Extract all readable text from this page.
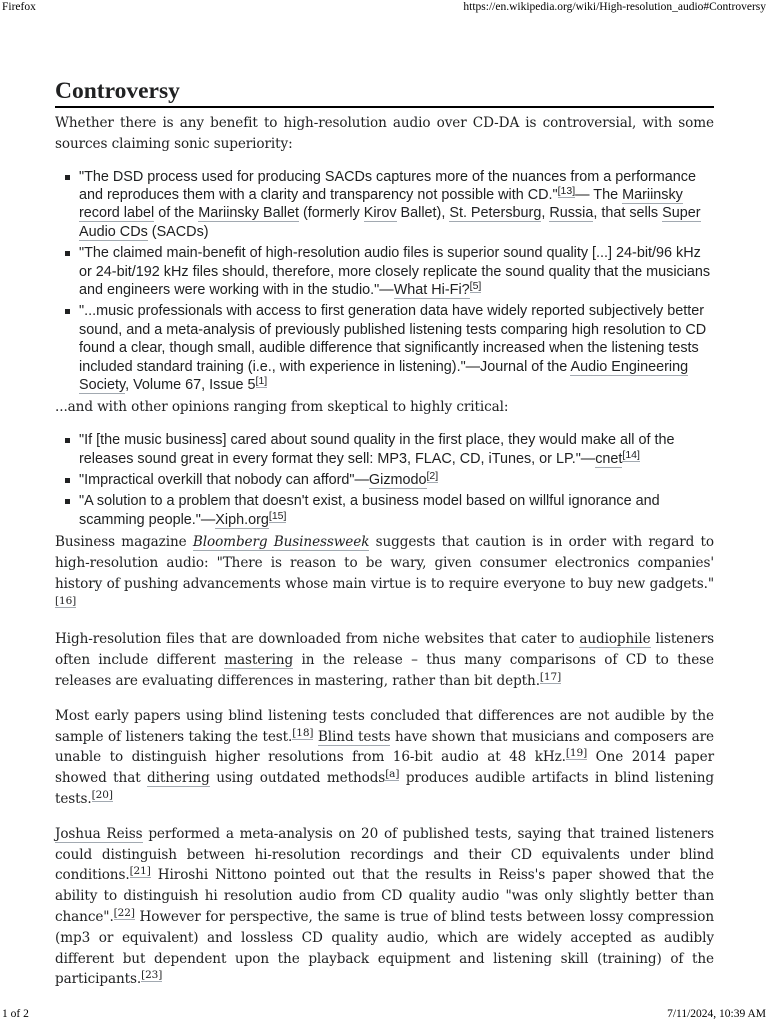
Firefox	https://en.wikipedia.org/wiki/High-resolution_audio#Controversy
Controversy

Whether there is any benefit to high-resolution audio over CD-DA is controversial, with some sources claiming sonic superiority:

"The DSD process used for producing SACDs captures more of the nuances from a performance and reproduces them with a clarity and transparency not possible with CD."[13]— The Mariinsky record label of the Mariinsky Ballet (formerly Kirov Ballet), St. Petersburg, Russia, that sells Super Audio CDs (SACDs)
"The claimed main-benefit of high-resolution audio files is superior sound quality [...] 24-bit/96 kHz or 24-bit/192 kHz files should, therefore, more closely replicate the sound quality that the musicians and engineers were working with in the studio."—What Hi-Fi?[5]
"...music professionals with access to first generation data have widely reported subjectively better sound, and a meta-analysis of previously published listening tests comparing high resolution to CD found a clear, though small, audible difference that significantly increased when the listening tests included standard training (i.e., with experience in listening)."—Journal of the Audio Engineering Society, Volume 67, Issue 5[1]

...and with other opinions ranging from skeptical to highly critical:

"If [the music business] cared about sound quality in the first place, they would make all of the releases sound great in every format they sell: MP3, FLAC, CD, iTunes, or LP."—cnet[14]
"Impractical overkill that nobody can afford"—Gizmodo[2]
"A solution to a problem that doesn't exist, a business model based on willful ignorance and scamming people."—Xiph.org[15]

Business magazine Bloomberg Businessweek suggests that caution is in order with regard to high-resolution audio: "There is reason to be wary, given consumer electronics companies' history of pushing advancements whose main virtue is to require everyone to buy new gadgets."[16]

High-resolution files that are downloaded from niche websites that cater to audiophile listeners often include different mastering in the release – thus many comparisons of CD to these releases are evaluating differences in mastering, rather than bit depth.[17]

Most early papers using blind listening tests concluded that differences are not audible by the sample of listeners taking the test.[18] Blind tests have shown that musicians and composers are unable to distinguish higher resolutions from 16-bit audio at 48 kHz.[19] One 2014 paper showed that dithering using outdated methods[a] produces audible artifacts in blind listening tests.[20]

Joshua Reiss performed a meta-analysis on 20 of published tests, saying that trained listeners could distinguish between hi-resolution recordings and their CD equivalents under blind conditions.[21] Hiroshi Nittono pointed out that the results in Reiss's paper showed that the ability to distinguish hi resolution audio from CD quality audio "was only slightly better than chance".[22] However for perspective, the same is true of blind tests between lossy compression (mp3 or equivalent) and lossless CD quality audio, which are widely accepted as audibly different but dependent upon the playback equipment and listening skill (training) of the participants.[23]

1 of 2	7/11/2024, 10:39 AM
